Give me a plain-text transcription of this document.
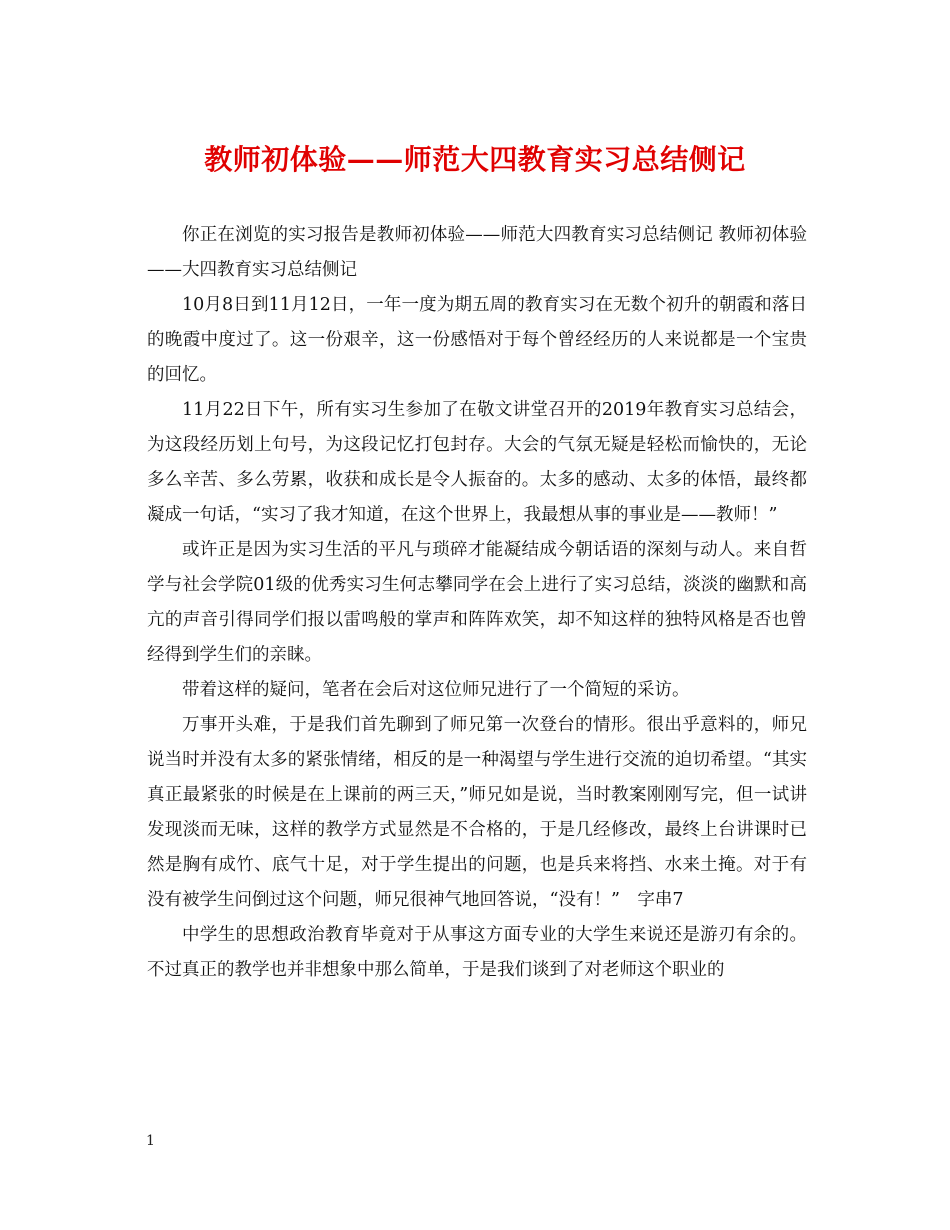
教师初体验——师范大四教育实习总结侧记

你正在浏览的实习报告是教师初体验——师范大四教育实习总结侧记 教师初体验——大四教育实习总结侧记

10月8日到11月12日，一年一度为期五周的教育实习在无数个初升的朝霞和落日的晚霞中度过了。这一份艰辛，这一份感悟对于每个曾经经历的人来说都是一个宝贵的回忆。

11月22日下午，所有实习生参加了在敬文讲堂召开的2019年教育实习总结会，为这段经历划上句号，为这段记忆打包封存。大会的气氛无疑是轻松而愉快的，无论多么辛苦、多么劳累，收获和成长是令人振奋的。太多的感动、太多的体悟，最终都凝成一句话，“实习了我才知道，在这个世界上，我最想从事的事业是——教师！”

或许正是因为实习生活的平凡与琐碎才能凝结成今朝话语的深刻与动人。来自哲学与社会学院01级的优秀实习生何志攀同学在会上进行了实习总结，淡淡的幽默和高亢的声音引得同学们报以雷鸣般的掌声和阵阵欢笑，却不知这样的独特风格是否也曾经得到学生们的亲睐。

带着这样的疑问，笔者在会后对这位师兄进行了一个简短的采访。

万事开头难，于是我们首先聊到了师兄第一次登台的情形。很出乎意料的，师兄说当时并没有太多的紧张情绪，相反的是一种渴望与学生进行交流的迫切希望。“其实真正最紧张的时候是在上课前的两三天，”师兄如是说，当时教案刚刚写完，但一试讲发现淡而无味，这样的教学方式显然是不合格的，于是几经修改，最终上台讲课时已然是胸有成竹、底气十足，对于学生提出的问题，也是兵来将挡、水来土掩。对于有没有被学生问倒过这个问题，师兄很神气地回答说，“没有！”　字串7

中学生的思想政治教育毕竟对于从事这方面专业的大学生来说还是游刃有余的。不过真正的教学也并非想象中那么简单，于是我们谈到了对老师这个职业的

1
